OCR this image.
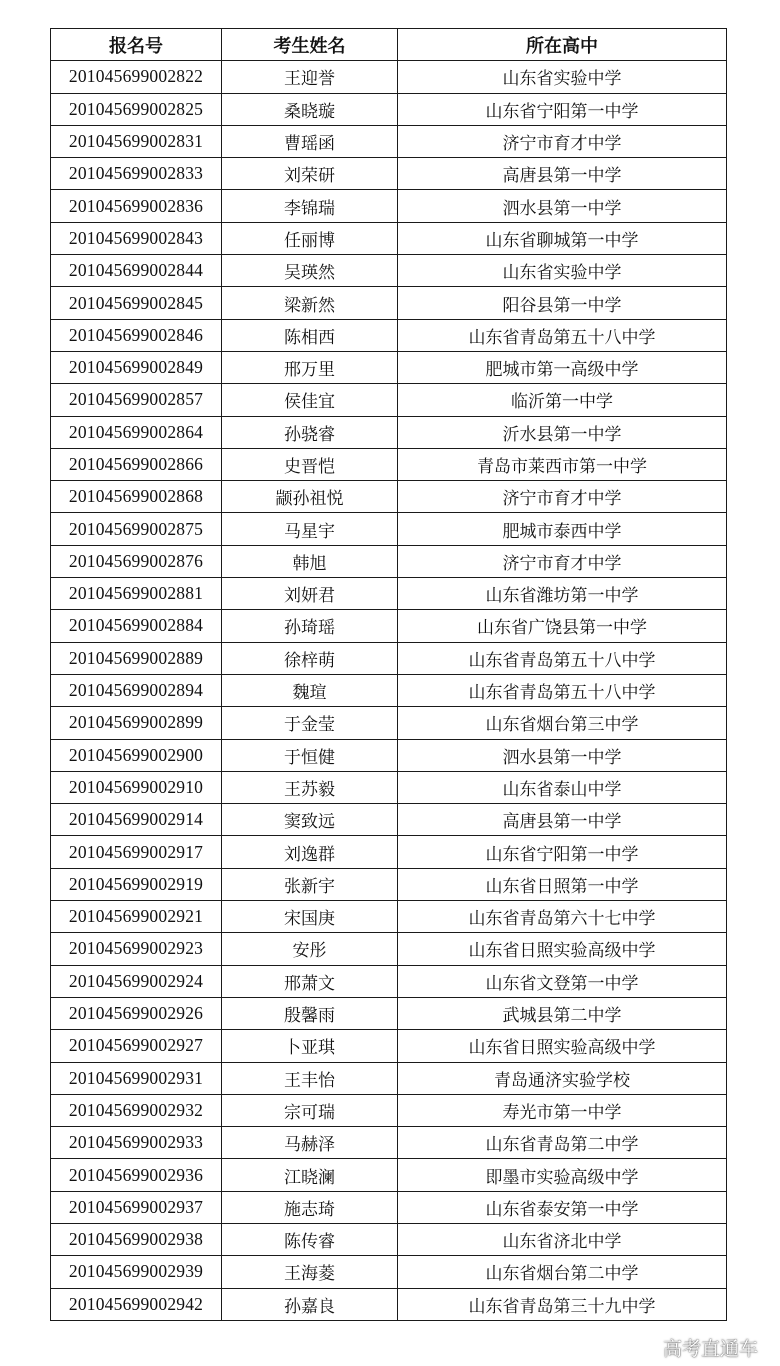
报名号	考生姓名	所在高中
201045699002822	王迎誉	山东省实验中学
201045699002825	桑晓璇	山东省宁阳第一中学
201045699002831	曹瑶函	济宁市育才中学
201045699002833	刘荣研	高唐县第一中学
201045699002836	李锦瑞	泗水县第一中学
201045699002843	任丽博	山东省聊城第一中学
201045699002844	吴瑛然	山东省实验中学
201045699002845	梁新然	阳谷县第一中学
201045699002846	陈相西	山东省青岛第五十八中学
201045699002849	邢万里	肥城市第一高级中学
201045699002857	侯佳宜	临沂第一中学
201045699002864	孙骁睿	沂水县第一中学
201045699002866	史晋恺	青岛市莱西市第一中学
201045699002868	颛孙祖悦	济宁市育才中学
201045699002875	马星宇	肥城市泰西中学
201045699002876	韩旭	济宁市育才中学
201045699002881	刘妍君	山东省潍坊第一中学
201045699002884	孙琦瑶	山东省广饶县第一中学
201045699002889	徐梓萌	山东省青岛第五十八中学
201045699002894	魏瑄	山东省青岛第五十八中学
201045699002899	于金莹	山东省烟台第三中学
201045699002900	于恒健	泗水县第一中学
201045699002910	王苏毅	山东省泰山中学
201045699002914	窦致远	高唐县第一中学
201045699002917	刘逸群	山东省宁阳第一中学
201045699002919	张新宇	山东省日照第一中学
201045699002921	宋国庚	山东省青岛第六十七中学
201045699002923	安彤	山东省日照实验高级中学
201045699002924	邢萧文	山东省文登第一中学
201045699002926	殷馨雨	武城县第二中学
201045699002927	卜亚琪	山东省日照实验高级中学
201045699002931	王丰怡	青岛通济实验学校
201045699002932	宗可瑞	寿光市第一中学
201045699002933	马赫泽	山东省青岛第二中学
201045699002936	江晓澜	即墨市实验高级中学
201045699002937	施志琦	山东省泰安第一中学
201045699002938	陈传睿	山东省济北中学
201045699002939	王海菱	山东省烟台第二中学
201045699002942	孙嘉良	山东省青岛第三十九中学
高考直通车
